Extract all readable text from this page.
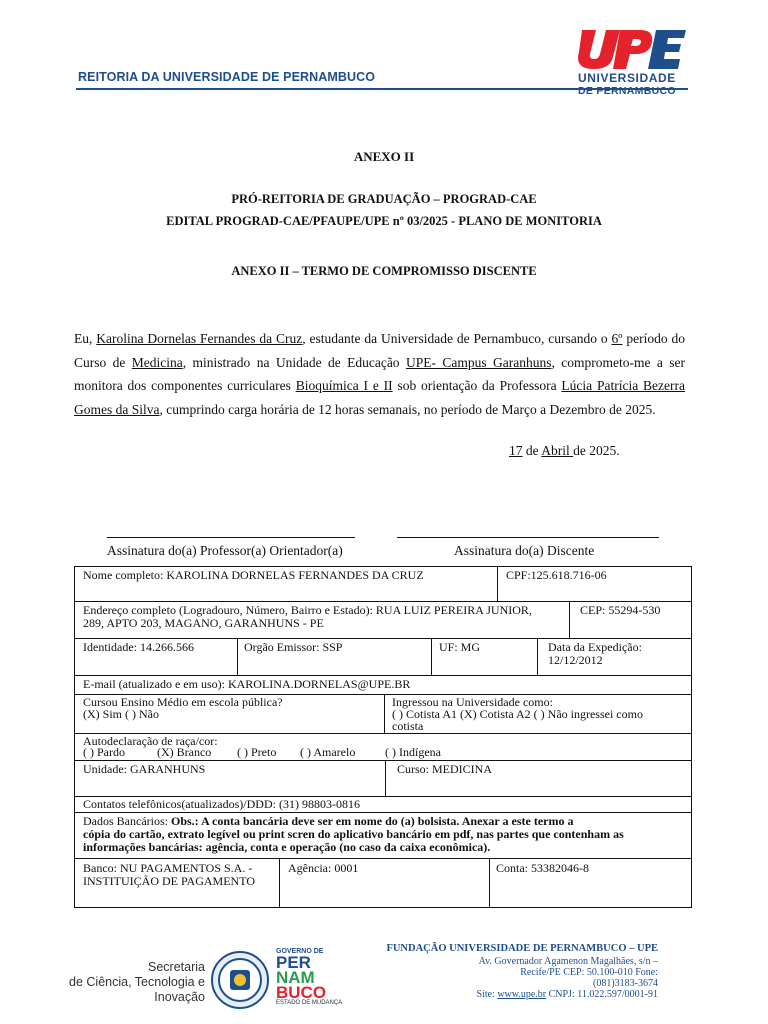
REITORIA DA UNIVERSIDADE DE PERNAMBUCO	UNIVERSIDADE
DE PERNAMBUCO
ANEXO II
PRÓ-REITORIA DE GRADUAÇÃO – PROGRAD-CAE
EDITAL PROGRAD-CAE/PFAUPE/UPE nº 03/2025 - PLANO DE MONITORIA
ANEXO II – TERMO DE COMPROMISSO DISCENTE
Eu, Karolina Dornelas Fernandes da Cruz, estudante da Universidade de Pernambuco, cursando o 6º período do Curso de Medicina, ministrado na Unidade de Educação UPE- Campus Garanhuns, comprometo-me a ser monitora dos componentes curriculares Bioquímica I e II sob orientação da Professora Lúcia Patrícia Bezerra Gomes da Silva, cumprindo carga horária de 12 horas semanais, no período de Março a Dezembro de 2025.
17 de Abril de 2025.
Assinatura do(a) Professor(a) Orientador(a)	Assinatura do(a) Discente
Nome completo: KAROLINA DORNELAS FERNANDES DA CRUZ	CPF:125.618.716-06
Endereço completo (Logradouro, Número, Bairro e Estado): RUA LUIZ PEREIRA JUNIOR,
289, APTO 203, MAGANO, GARANHUNS - PE
CEP: 55294-530
Identidade: 14.266.566	Orgão Emissor: SSP	UF: MG	Data da Expedição:
12/12/2012
E-mail (atualizado e em uso): KAROLINA.DORNELAS@UPE.BR
Cursou Ensino Médio em escola pública?
(X) Sim ( ) Não
Ingressou na Universidade como:
( ) Cotista A1 (X) Cotista A2 ( ) Não ingressei como
cotista
Autodeclaração de raça/cor:
( ) Pardo	(X) Branco ( ) Preto ( ) Amarelo ( ) Indígena
Unidade: GARANHUNS	Curso: MEDICINA
Contatos telefônicos(atualizados)/DDD: (31) 98803-0816
Dados Bancários: Obs.: A conta bancária deve ser em nome do (a) bolsista. Anexar a este termo a
cópia do cartão, extrato legível ou print scren do aplicativo bancário em pdf, nas partes que contenham as
informações bancárias: agência, conta e operação (no caso da caixa econômica).
Banco: NU PAGAMENTOS S.A. -
INSTITUIÇÃO DE PAGAMENTO
Agência: 0001	Conta: 53382046-8
Secretaria
de Ciência, Tecnologia e
Inovação
GOVERNO DE
PER
NAM
BUCO
ESTADO DE MUDANÇA
FUNDAÇÃO UNIVERSIDADE DE PERNAMBUCO – UPE
Av. Governador Agamenon Magalhães, s/n –
Recife/PE CEP: 50.100-010 Fone:
(081)3183-3674
Site: www.upe.br CNPJ: 11.022.597/0001-91
